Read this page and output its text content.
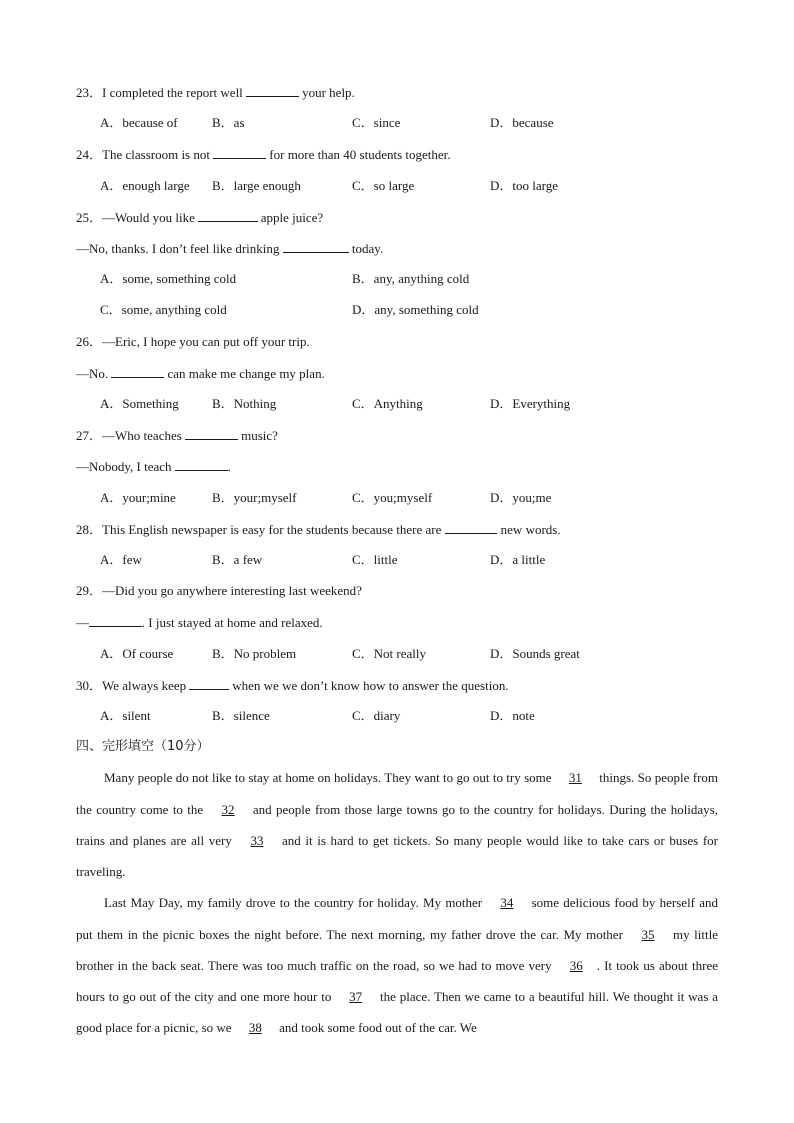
23．I completed the report well	your help.
A．because of	B．as	C．since	D．because
24．The classroom is not	for more than 40 students together.
A．enough large B．large enough	C．so large	D．too large
25．—Would you like	apple juice?
—No, thanks. I don’t feel like drinking	today.
A．some, something cold	B．any, anything cold
C．some, anything cold	D．any, something cold
26．—Eric, I hope you can put off your trip.
—No.	can make me change my plan.
A．Something	B．Nothing	C．Anything	D．Everything
27．—Who teaches	music?
—Nobody, I teach	.
A．your;mine	B．your;myself	C．you;myself	D．you;me
28．This English newspaper is easy for the students because there are	new words.
A．few	B．a few	C．little	D．a little
29．—Did you go anywhere interesting last weekend?
—	. I just stayed at home and relaxed.
A．Of course	B．No problem	C．Not really	D．Sounds great
30．We always keep	when we we don’t know how to answer the question.
A．silent	B．silence	C．diary	D．note
四、完形填空（10分）
Many people do not like to stay at home on holidays. They want to go out to try some 31 things. So people from the country come to the 32 and people from those large towns go to the country for holidays. During the holidays, trains and planes are all very 33 and it is hard to get tickets. So many people would like to take cars or buses for traveling.
Last May Day, my family drove to the country for holiday. My mother 34 some delicious food by herself and put them in the picnic boxes the night before. The next morning, my father drove the car. My mother 35 my little brother in the back seat. There was too much traffic on the road, so we had to move very 36 . It took us about three hours to go out of the city and one more hour to 37 the place. Then we came to a beautiful hill. We thought it was a good place for a picnic, so we 38 and took some food out of the car. We
